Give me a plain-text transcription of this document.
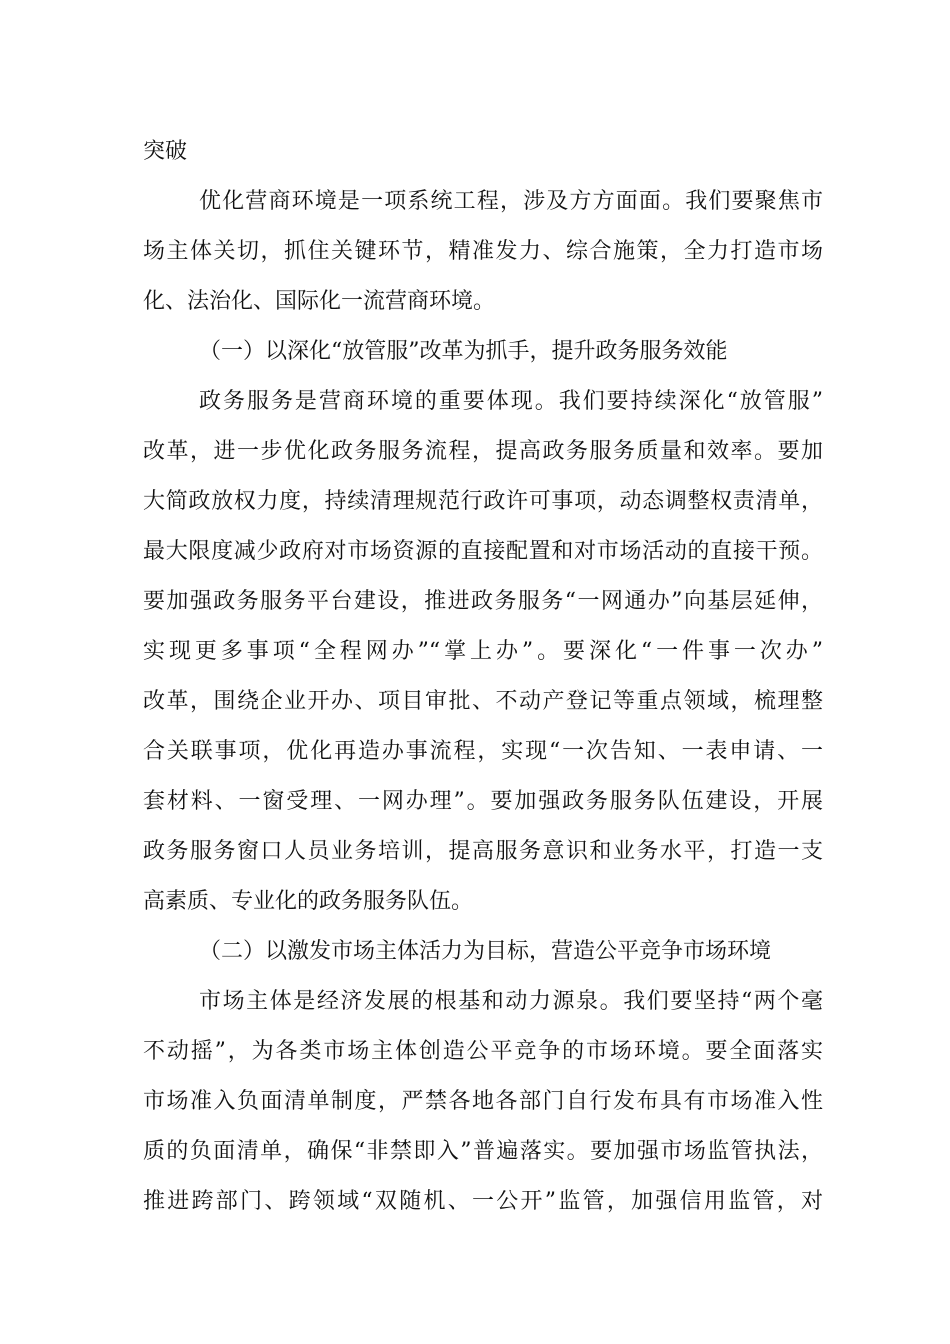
突破
优化营商环境是一项系统工程，涉及方方面面。我们要聚焦市
场主体关切，抓住关键环节，精准发力、综合施策，全力打造市场
化、法治化、国际化一流营商环境。
（一）以深化“放管服”改革为抓手，提升政务服务效能
政务服务是营商环境的重要体现。我们要持续深化“放管服”
改革，进一步优化政务服务流程，提高政务服务质量和效率。要加
大简政放权力度，持续清理规范行政许可事项，动态调整权责清单，
最大限度减少政府对市场资源的直接配置和对市场活动的直接干预。
要加强政务服务平台建设，推进政务服务“一网通办”向基层延伸，
实现更多事项“全程网办”“掌上办”。要深化“一件事一次办”
改革，围绕企业开办、项目审批、不动产登记等重点领域，梳理整
合关联事项，优化再造办事流程，实现“一次告知、一表申请、一
套材料、一窗受理、一网办理”。要加强政务服务队伍建设，开展
政务服务窗口人员业务培训，提高服务意识和业务水平，打造一支
高素质、专业化的政务服务队伍。
（二）以激发市场主体活力为目标，营造公平竞争市场环境
市场主体是经济发展的根基和动力源泉。我们要坚持“两个毫
不动摇”，为各类市场主体创造公平竞争的市场环境。要全面落实
市场准入负面清单制度，严禁各地各部门自行发布具有市场准入性
质的负面清单，确保“非禁即入”普遍落实。要加强市场监管执法，
推进跨部门、跨领域“双随机、一公开”监管，加强信用监管，对
